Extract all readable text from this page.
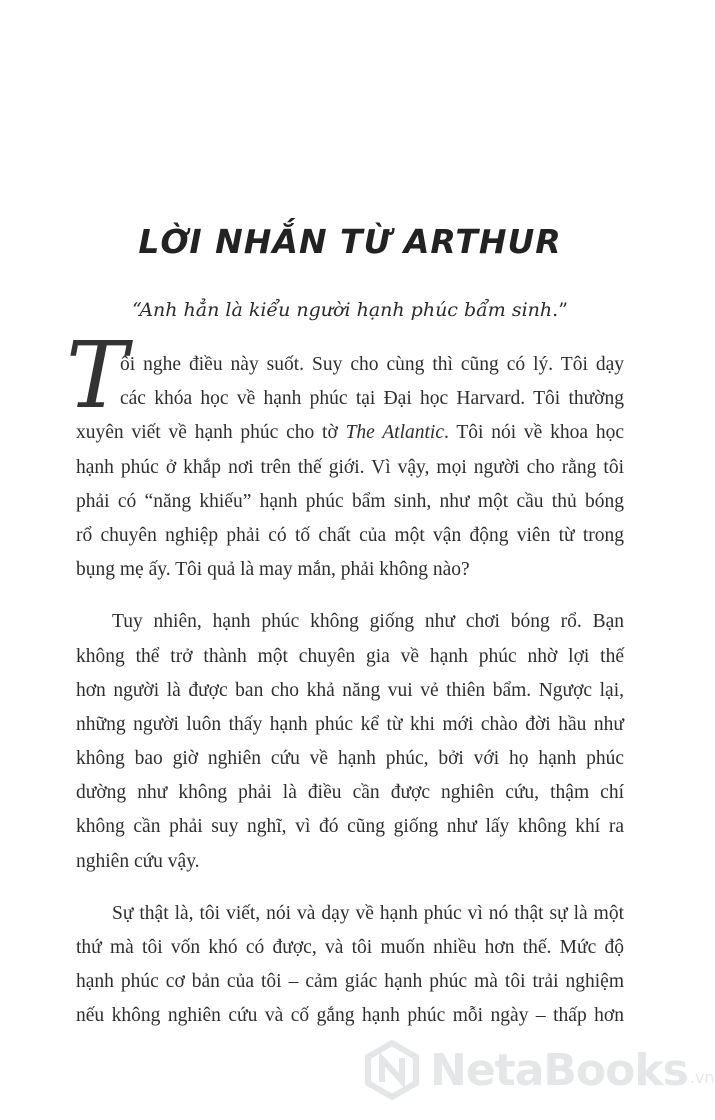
LỜI NHẮN TỪ ARTHUR
“Anh hẳn là kiểu người hạnh phúc bẩm sinh.”
T
ôi nghe điều này suốt. Suy cho cùng thì cũng có lý. Tôi dạy
các khóa học về hạnh phúc tại Đại học Harvard. Tôi thường
xuyên viết về hạnh phúc cho tờ The Atlantic. Tôi nói về khoa học
hạnh phúc ở khắp nơi trên thế giới. Vì vậy, mọi người cho rằng tôi
phải có “năng khiếu” hạnh phúc bẩm sinh, như một cầu thủ bóng
rổ chuyên nghiệp phải có tố chất của một vận động viên từ trong
bụng mẹ ấy. Tôi quả là may mắn, phải không nào?
Tuy nhiên, hạnh phúc không giống như chơi bóng rổ. Bạn
không thể trở thành một chuyên gia về hạnh phúc nhờ lợi thế
hơn người là được ban cho khả năng vui vẻ thiên bẩm. Ngược lại,
những người luôn thấy hạnh phúc kể từ khi mới chào đời hầu như
không bao giờ nghiên cứu về hạnh phúc, bởi với họ hạnh phúc
dường như không phải là điều cần được nghiên cứu, thậm chí
không cần phải suy nghĩ, vì đó cũng giống như lấy không khí ra
nghiên cứu vậy.
Sự thật là, tôi viết, nói và dạy về hạnh phúc vì nó thật sự là một
thứ mà tôi vốn khó có được, và tôi muốn nhiều hơn thế. Mức độ
hạnh phúc cơ bản của tôi – cảm giác hạnh phúc mà tôi trải nghiệm
nếu không nghiên cứu và cố gắng hạnh phúc mỗi ngày – thấp hơn
NetaBooks .vn
